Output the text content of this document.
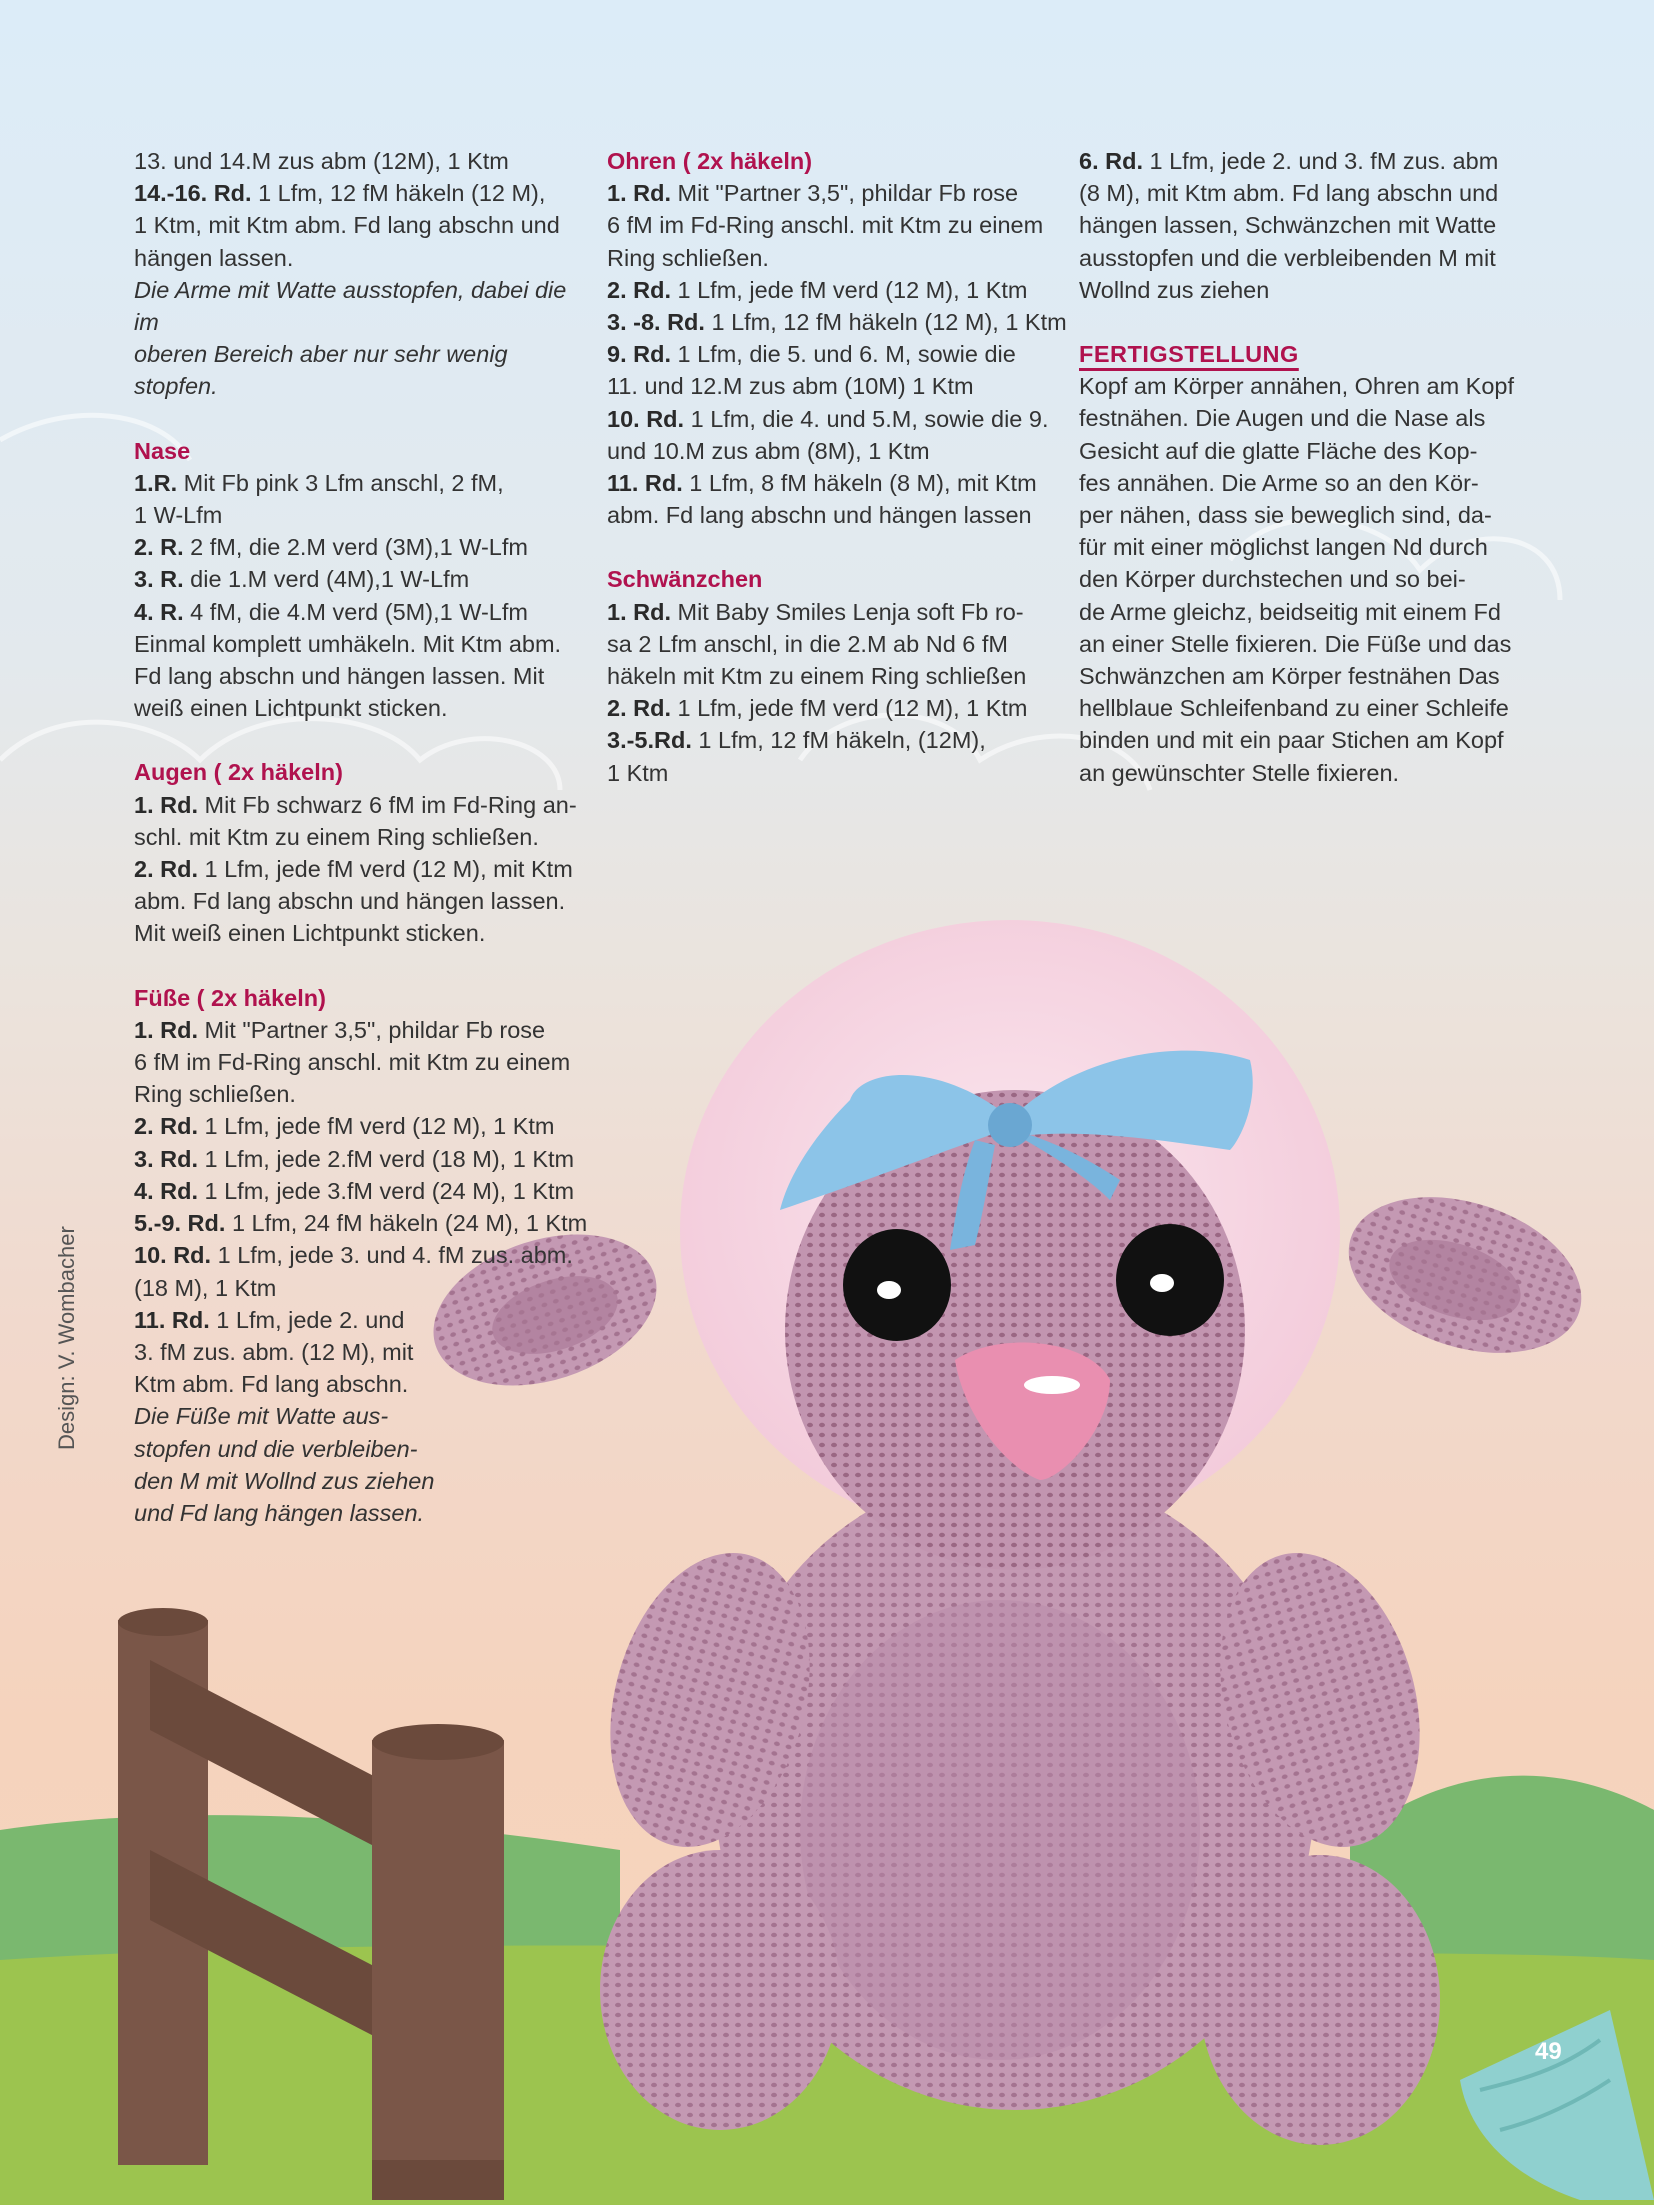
13. und 14.M zus abm (12M), 1 Ktm

14.-16. Rd. 1 Lfm, 12 fM häkeln (12 M),

1 Ktm, mit Ktm abm. Fd lang abschn und

hängen lassen.

Die Arme mit Watte ausstopfen, dabei die im

oberen Bereich aber nur sehr wenig stopfen.

Nase

1.R. Mit Fb pink 3 Lfm anschl, 2 fM,

1 W-Lfm

2. R. 2 fM, die 2.M verd (3M),1 W-Lfm

3. R. die 1.M verd (4M),1 W-Lfm

4. R. 4 fM, die 4.M verd (5M),1 W-Lfm

Einmal komplett umhäkeln. Mit Ktm abm.

Fd lang abschn und hängen lassen. Mit

weiß einen Lichtpunkt sticken.

Augen ( 2x häkeln)

1. Rd. Mit Fb schwarz 6 fM im Fd-Ring an-

schl. mit Ktm zu einem Ring schließen.

2. Rd. 1 Lfm, jede fM verd (12 M), mit Ktm

abm. Fd lang abschn und hängen lassen.

Mit weiß einen Lichtpunkt sticken.

Füße ( 2x häkeln)

1. Rd. Mit "Partner 3,5", phildar Fb rose

6 fM im Fd-Ring anschl. mit Ktm zu einem

Ring schließen.

2. Rd. 1 Lfm, jede fM verd (12 M), 1 Ktm

3. Rd. 1 Lfm, jede 2.fM verd (18 M), 1 Ktm

4. Rd. 1 Lfm, jede 3.fM verd (24 M), 1 Ktm

5.-9. Rd. 1 Lfm, 24 fM häkeln (24 M), 1 Ktm

10. Rd. 1 Lfm, jede 3. und 4. fM zus. abm.

(18 M), 1 Ktm

11. Rd. 1 Lfm, jede 2. und

3. fM zus. abm. (12 M), mit

Ktm abm. Fd lang abschn.

Die Füße mit Watte aus-

stopfen und die verbleiben-

den M mit Wollnd zus ziehen

und Fd lang hängen lassen.

Ohren ( 2x häkeln)

1. Rd. Mit "Partner 3,5", phildar Fb rose

6 fM im Fd-Ring anschl. mit Ktm zu einem

Ring schließen.

2. Rd. 1 Lfm, jede fM verd (12 M), 1 Ktm

3. -8. Rd. 1 Lfm, 12 fM häkeln (12 M), 1 Ktm

9. Rd. 1 Lfm, die 5. und 6. M, sowie die

11. und 12.M zus abm (10M) 1 Ktm

10. Rd. 1 Lfm, die 4. und 5.M, sowie die 9.

und 10.M zus abm (8M), 1 Ktm

11. Rd. 1 Lfm, 8 fM häkeln (8 M), mit Ktm

abm. Fd lang abschn und hängen lassen

Schwänzchen

1. Rd. Mit Baby Smiles Lenja soft Fb ro-

sa 2 Lfm anschl, in die 2.M ab Nd 6 fM

häkeln mit Ktm zu einem Ring schließen

2. Rd. 1 Lfm, jede fM verd (12 M), 1 Ktm

3.-5.Rd. 1 Lfm, 12 fM häkeln, (12M),

1 Ktm

6. Rd. 1 Lfm, jede 2. und 3. fM zus. abm

(8 M), mit Ktm abm. Fd lang abschn und

hängen lassen, Schwänzchen mit Watte

ausstopfen und die verbleibenden M mit

Wollnd zus ziehen

FERTIGSTELLUNG

Kopf am Körper annähen, Ohren am Kopf

festnähen. Die Augen und die Nase als

Gesicht auf die glatte Fläche des Kop-

fes annähen. Die Arme so an den Kör-

per nähen, dass sie beweglich sind, da-

für mit einer möglichst langen Nd durch

den Körper durchstechen und so bei-

de Arme gleichz, beidseitig mit einem Fd

an einer Stelle fixieren. Die Füße und das

Schwänzchen am Körper festnähen Das

hellblaue Schleifenband zu einer Schleife

binden und mit ein paar Stichen am Kopf

an gewünschter Stelle fixieren.

Design: V. Wombacher
49
